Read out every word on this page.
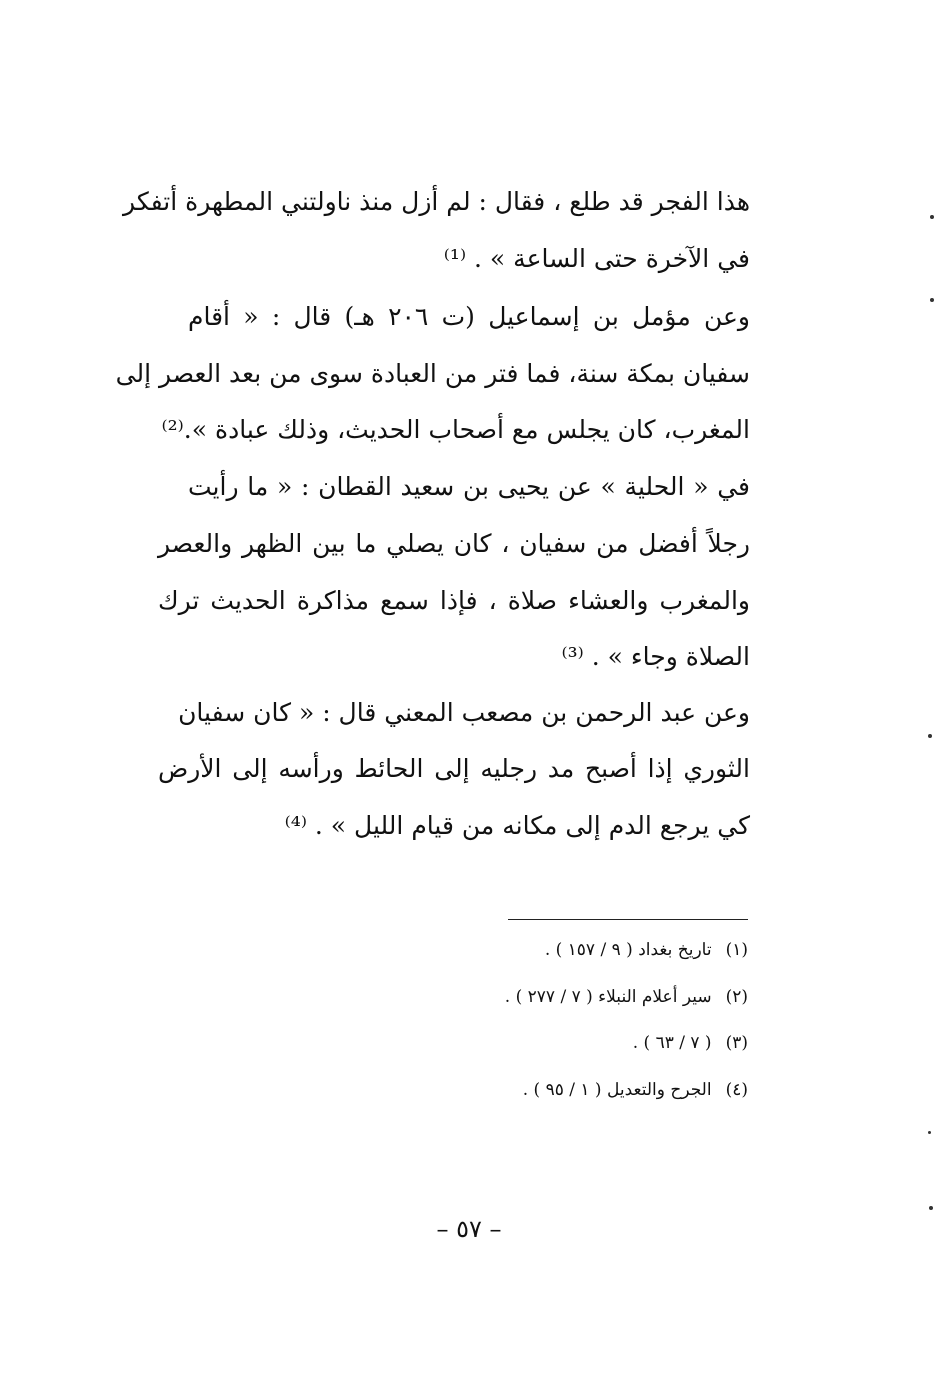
هذا الفجر قد طلع ، فقال : لم أزل منذ ناولتني المطهرة أتفكر
في الآخرة حتى الساعة » . ⁽¹⁾
وعن مؤمل بن إسماعيل (ت ٢٠٦ هـ) قال : « أقام
سفيان بمكة سنة، فما فتر من العبادة سوى من بعد العصر إلى
المغرب، كان يجلس مع أصحاب الحديث، وذلك عبادة ».⁽²⁾
في « الحلية » عن يحيى بن سعيد القطان : « ما رأيت
رجلاً أفضل من سفيان ، كان يصلي ما بين الظهر والعصر
والمغرب والعشاء صلاة ، فإذا سمع مذاكرة الحديث ترك
الصلاة وجاء » . ⁽³⁾
وعن عبد الرحمن بن مصعب المعني قال : « كان سفيان
الثوري إذا أصبح مد رجليه إلى الحائط ورأسه إلى الأرض
كي يرجع الدم إلى مكانه من قيام الليل » . ⁽⁴⁾
(١)تاريخ بغداد ( ٩ / ١٥٧ ) .
(٢)سير أعلام النبلاء ( ٧ / ٢٧٧ ) .
(٣)( ٧ / ٦٣ ) .
(٤)الجرح والتعديل ( ١ / ٩٥ ) .
– ٥٧ –
